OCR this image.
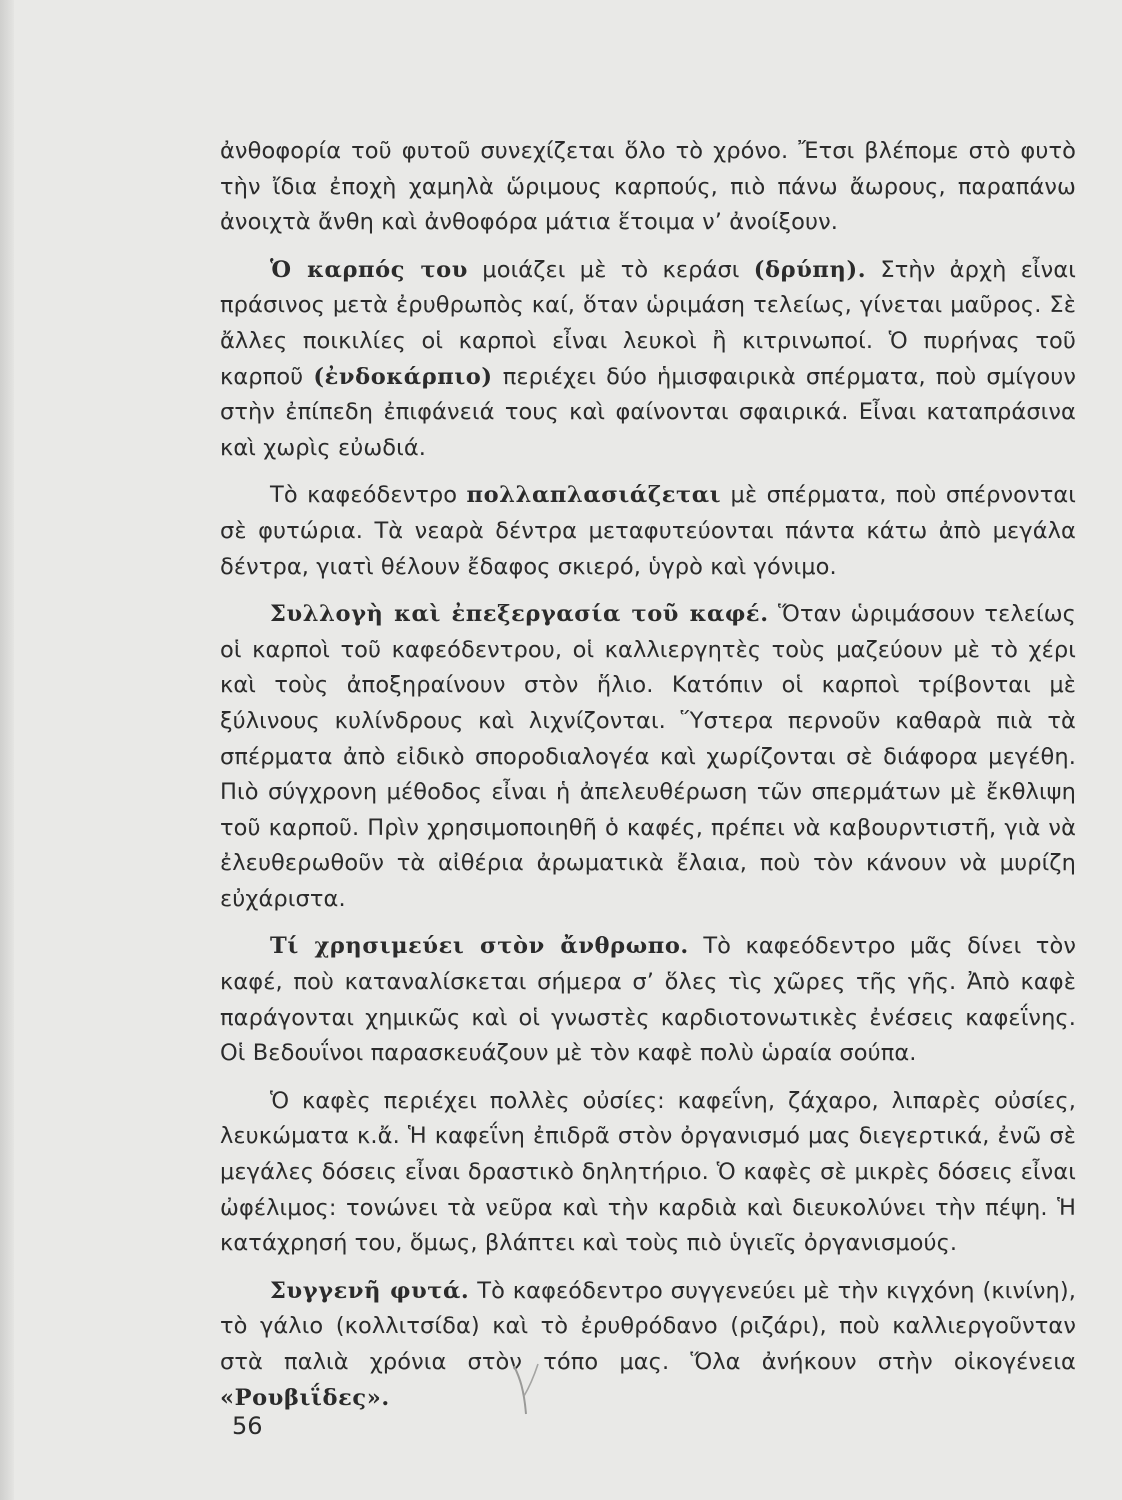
ἀνθοφορία τοῦ φυτοῦ συνεχίζεται ὅλο τὸ χρόνο. Ἔτσι βλέπομε στὸ φυτὸ τὴν ἴδια ἐποχὴ χαμηλὰ ὥριμους καρπούς, πιὸ πάνω ἄωρους, παραπάνω ἀνοιχτὰ ἄνθη καὶ ἀνθοφόρα μάτια ἕτοιμα ν’ ἀνοίξουν.

Ὁ καρπός του μοιάζει μὲ τὸ κεράσι (δρύπη). Στὴν ἀρχὴ εἶναι πράσινος μετὰ ἐρυθρωπὸς καί, ὅταν ὡριμάση τελείως, γίνεται μαῦρος. Σὲ ἄλλες ποικιλίες οἱ καρποὶ εἶναι λευκοὶ ἢ κιτρινωποί. Ὁ πυρήνας τοῦ καρποῦ (ἐνδοκάρπιο) περιέχει δύο ἡμισφαιρικὰ σπέρματα, ποὺ σμίγουν στὴν ἐπίπεδη ἐπιφάνειά τους καὶ φαίνονται σφαιρικά. Εἶναι καταπράσινα καὶ χωρὶς εὐωδιά.

Τὸ καφεόδεντρο πολλαπλασιάζεται μὲ σπέρματα, ποὺ σπέρνονται σὲ φυτώρια. Τὰ νεαρὰ δέντρα μεταφυτεύονται πάντα κάτω ἀπὸ μεγάλα δέντρα, γιατὶ θέλουν ἔδαφος σκιερό, ὑγρὸ καὶ γόνιμο.

Συλλογὴ καὶ ἐπεξεργασία τοῦ καφέ. Ὅταν ὡριμάσουν τελείως οἱ καρποὶ τοῦ καφεόδεντρου, οἱ καλλιεργητὲς τοὺς μαζεύουν μὲ τὸ χέρι καὶ τοὺς ἀποξηραίνουν στὸν ἥλιο. Κατόπιν οἱ καρποὶ τρίβονται μὲ ξύλινους κυλίνδρους καὶ λιχνίζονται. Ὕστερα περνοῦν καθαρὰ πιὰ τὰ σπέρματα ἀπὸ εἰδικὸ σποροδιαλογέα καὶ χωρίζονται σὲ διάφορα μεγέθη. Πιὸ σύγχρονη μέθοδος εἶναι ἡ ἀπελευθέρωση τῶν σπερμάτων μὲ ἔκθλιψη τοῦ καρποῦ. Πρὶν χρησιμοποιηθῆ ὁ καφές, πρέπει νὰ καβουρντιστῆ, γιὰ νὰ ἐλευθερωθοῦν τὰ αἰθέρια ἀρωματικὰ ἔλαια, ποὺ τὸν κάνουν νὰ μυρίζη εὐχάριστα.

Τί χρησιμεύει στὸν ἄνθρωπο. Τὸ καφεόδεντρο μᾶς δίνει τὸν καφέ, ποὺ καταναλίσκεται σήμερα σ’ ὅλες τὶς χῶρες τῆς γῆς. Ἀπὸ καφὲ παράγονται χημικῶς καὶ οἱ γνωστὲς καρδιοτονωτικὲς ἐνέσεις καφεΐνης. Οἱ Βεδουΐνοι παρασκευάζουν μὲ τὸν καφὲ πολὺ ὡραία σούπα.

Ὁ καφὲς περιέχει πολλὲς οὐσίες: καφεΐνη, ζάχαρο, λιπαρὲς οὐσίες, λευκώματα κ.ἄ. Ἡ καφεΐνη ἐπιδρᾶ στὸν ὀργανισμό μας διεγερτικά, ἐνῶ σὲ μεγάλες δόσεις εἶναι δραστικὸ δηλητήριο. Ὁ καφὲς σὲ μικρὲς δόσεις εἶναι ὠφέλιμος: τονώνει τὰ νεῦρα καὶ τὴν καρδιὰ καὶ διευκολύνει τὴν πέψη. Ἡ κατάχρησή του, ὅμως, βλάπτει καὶ τοὺς πιὸ ὑγιεῖς ὀργανισμούς.

Συγγενῆ φυτά. Τὸ καφεόδεντρο συγγενεύει μὲ τὴν κιγχόνη (κινίνη), τὸ γάλιο (κολλιτσίδα) καὶ τὸ ἐρυθρόδανο (ριζάρι), ποὺ καλλιεργοῦνταν στὰ παλιὰ χρόνια στὸν τόπο μας. Ὅλα ἀνήκουν στὴν οἰκογένεια «Ρουβιΐδες».

56
